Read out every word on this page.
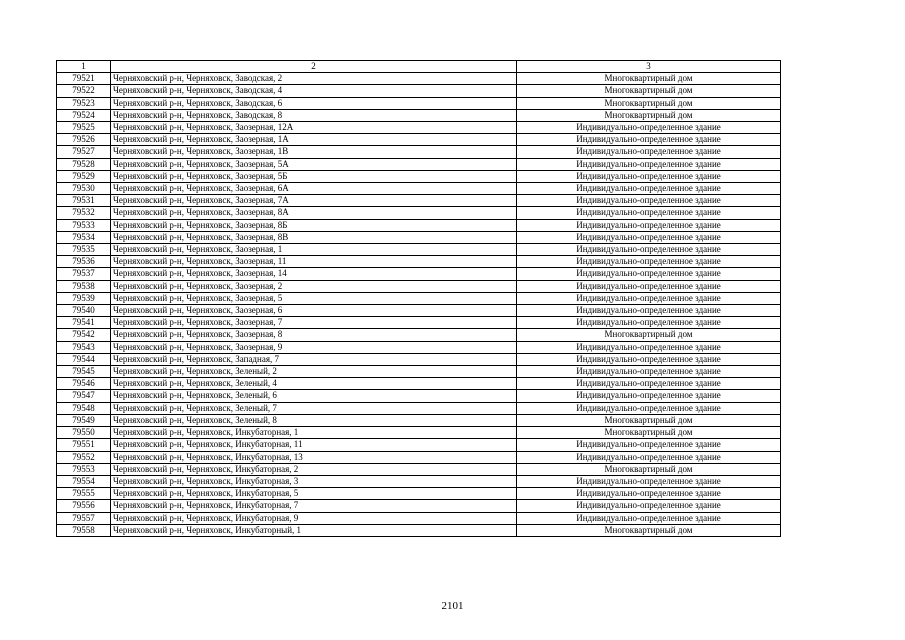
1	2	3
79521	Черняховский р-н, Черняховск, Заводская, 2	Многоквартирный дом
79522	Черняховский р-н, Черняховск, Заводская, 4	Многоквартирный дом
79523	Черняховский р-н, Черняховск, Заводская, 6	Многоквартирный дом
79524	Черняховский р-н, Черняховск, Заводская, 8	Многоквартирный дом
79525	Черняховский р-н, Черняховск, Заозерная, 12А	Индивидуально-определенное здание
79526	Черняховский р-н, Черняховск, Заозерная, 1А	Индивидуально-определенное здание
79527	Черняховский р-н, Черняховск, Заозерная, 1В	Индивидуально-определенное здание
79528	Черняховский р-н, Черняховск, Заозерная, 5А	Индивидуально-определенное здание
79529	Черняховский р-н, Черняховск, Заозерная, 5Б	Индивидуально-определенное здание
79530	Черняховский р-н, Черняховск, Заозерная, 6А	Индивидуально-определенное здание
79531	Черняховский р-н, Черняховск, Заозерная, 7А	Индивидуально-определенное здание
79532	Черняховский р-н, Черняховск, Заозерная, 8А	Индивидуально-определенное здание
79533	Черняховский р-н, Черняховск, Заозерная, 8Б	Индивидуально-определенное здание
79534	Черняховский р-н, Черняховск, Заозерная, 8В	Индивидуально-определенное здание
79535	Черняховский р-н, Черняховск, Заозерная, 1	Индивидуально-определенное здание
79536	Черняховский р-н, Черняховск, Заозерная, 11	Индивидуально-определенное здание
79537	Черняховский р-н, Черняховск, Заозерная, 14	Индивидуально-определенное здание
79538	Черняховский р-н, Черняховск, Заозерная, 2	Индивидуально-определенное здание
79539	Черняховский р-н, Черняховск, Заозерная, 5	Индивидуально-определенное здание
79540	Черняховский р-н, Черняховск, Заозерная, 6	Индивидуально-определенное здание
79541	Черняховский р-н, Черняховск, Заозерная, 7	Индивидуально-определенное здание
79542	Черняховский р-н, Черняховск, Заозерная, 8	Многоквартирный дом
79543	Черняховский р-н, Черняховск, Заозерная, 9	Индивидуально-определенное здание
79544	Черняховский р-н, Черняховск, Западная, 7	Индивидуально-определенное здание
79545	Черняховский р-н, Черняховск, Зеленый, 2	Индивидуально-определенное здание
79546	Черняховский р-н, Черняховск, Зеленый, 4	Индивидуально-определенное здание
79547	Черняховский р-н, Черняховск, Зеленый, 6	Индивидуально-определенное здание
79548	Черняховский р-н, Черняховск, Зеленый, 7	Индивидуально-определенное здание
79549	Черняховский р-н, Черняховск, Зеленый, 8	Многоквартирный дом
79550	Черняховский р-н, Черняховск, Инкубаторная, 1	Многоквартирный дом
79551	Черняховский р-н, Черняховск, Инкубаторная, 11	Индивидуально-определенное здание
79552	Черняховский р-н, Черняховск, Инкубаторная, 13	Индивидуально-определенное здание
79553	Черняховский р-н, Черняховск, Инкубаторная, 2	Многоквартирный дом
79554	Черняховский р-н, Черняховск, Инкубаторная, 3	Индивидуально-определенное здание
79555	Черняховский р-н, Черняховск, Инкубаторная, 5	Индивидуально-определенное здание
79556	Черняховский р-н, Черняховск, Инкубаторная, 7	Индивидуально-определенное здание
79557	Черняховский р-н, Черняховск, Инкубаторная, 9	Индивидуально-определенное здание
79558	Черняховский р-н, Черняховск, Инкубаторный, 1	Многоквартирный дом
2101
